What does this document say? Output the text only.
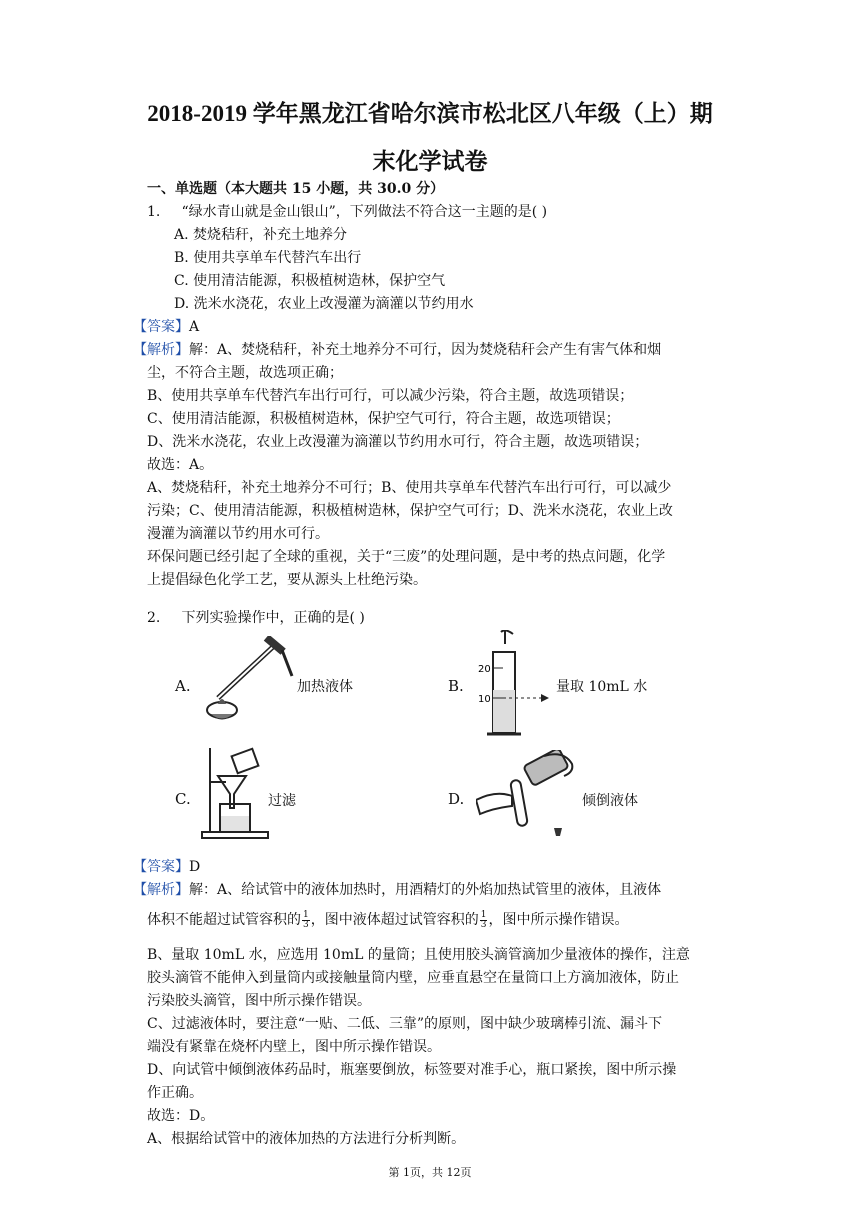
2018-2019 学年黑龙江省哈尔滨市松北区八年级（上）期
末化学试卷
一、单选题（本大题共 15 小题，共 30.0 分）
1. “绿水青山就是金山银山”，下列做法不符合这一主题的是( )
A. 焚烧秸秆，补充土地养分
B. 使用共享单车代替汽车出行
C. 使用清洁能源，积极植树造林，保护空气
D. 洗米水浇花，农业上改漫灌为滴灌以节约用水
【答案】A
【解析】解：A、焚烧秸秆，补充土地养分不可行，因为焚烧秸秆会产生有害气体和烟
尘，不符合主题，故选项正确；
B、使用共享单车代替汽车出行可行，可以减少污染，符合主题，故选项错误；
C、使用清洁能源，积极植树造林，保护空气可行，符合主题，故选项错误；
D、洗米水浇花，农业上改漫灌为滴灌以节约用水可行，符合主题，故选项错误；
故选：A。
A、焚烧秸秆，补充土地养分不可行；B、使用共享单车代替汽车出行可行，可以减少
污染；C、使用清洁能源，积极植树造林，保护空气可行；D、洗米水浇花，农业上改
漫灌为滴灌以节约用水可行。
环保问题已经引起了全球的重视，关于“三废”的处理问题，是中考的热点问题，化学
上提倡绿色化学工艺，要从源头上杜绝污染。
2. 下列实验操作中，正确的是( )
A.	加热液体	B.
20
10
量取 10mL 水
C.	过滤	D.	倾倒液体
【答案】D
【解析】解：A、给试管中的液体加热时，用酒精灯的外焰加热试管里的液体，且液体
体积不能超过试管容积的 $\frac{1}{3}$ ，图中液体超过试管容积的 $\frac{1}{3}$ ，图中所示操作错误。
B、量取 10mL 水，应选用 10mL 的量筒；且使用胶头滴管滴加少量液体的操作，注意
胶头滴管不能伸入到量筒内或接触量筒内壁，应垂直悬空在量筒口上方滴加液体，防止
污染胶头滴管，图中所示操作错误。
C、过滤液体时，要注意“一贴、二低、三靠”的原则，图中缺少玻璃棒引流、漏斗下
端没有紧靠在烧杯内壁上，图中所示操作错误。
D、向试管中倾倒液体药品时，瓶塞要倒放，标签要对准手心，瓶口紧挨，图中所示操
作正确。
故选：D。
A、根据给试管中的液体加热的方法进行分析判断。
第 1页，共 12页
